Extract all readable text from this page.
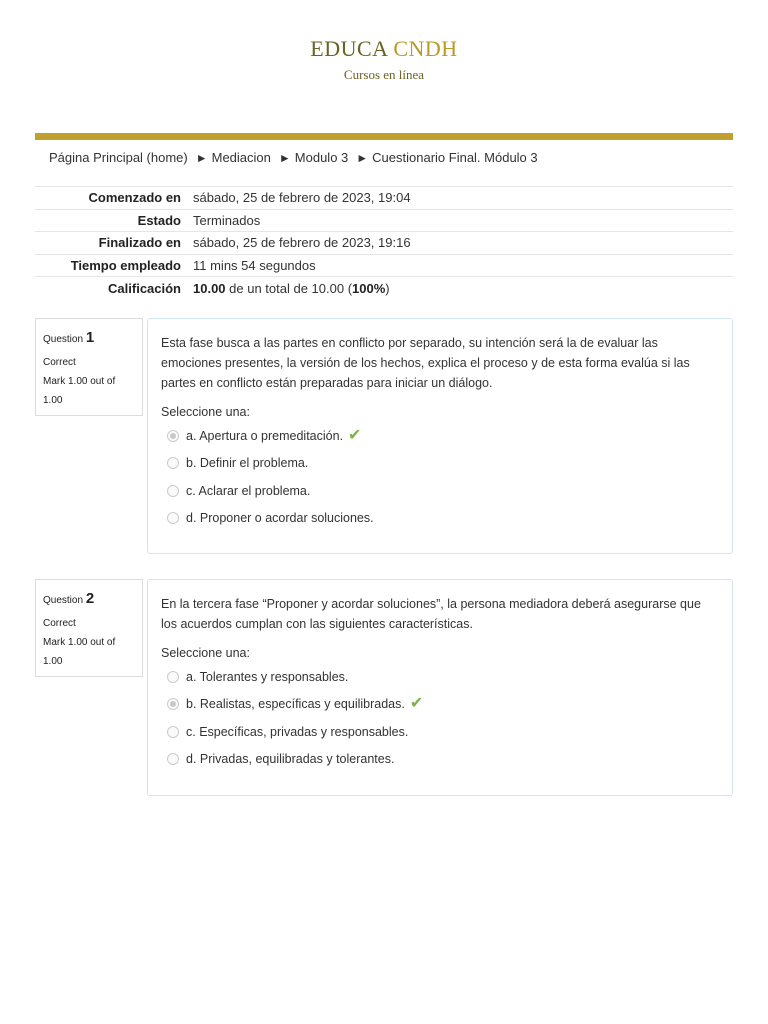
EDUCA CNDH
Cursos en línea
Página Principal (home) ► Mediacion ► Modulo 3 ► Cuestionario Final. Módulo 3
Comenzado en sábado, 25 de febrero de 2023, 19:04
Estado Terminados
Finalizado en sábado, 25 de febrero de 2023, 19:16
Tiempo empleado 11 mins 54 segundos
Calificación 10.00 de un total de 10.00 (100%)
Question 1
Correct
Mark 1.00 out of 1.00
Esta fase busca a las partes en conflicto por separado, su intención será la de evaluar las emociones presentes, la versión de los hechos, explica el proceso y de esta forma evalúa si las partes en conflicto están preparadas para iniciar un diálogo.
Seleccione una:
a. Apertura o premeditación. ✔
b. Definir el problema.
c. Aclarar el problema.
d. Proponer o acordar soluciones.
Question 2
Correct
Mark 1.00 out of 1.00
En la tercera fase “Proponer y acordar soluciones”, la persona mediadora deberá asegurarse que los acuerdos cumplan con las siguientes características.
Seleccione una:
a. Tolerantes y responsables.
b. Realistas, específicas y equilibradas. ✔
c. Específicas, privadas y responsables.
d. Privadas, equilibradas y tolerantes.
